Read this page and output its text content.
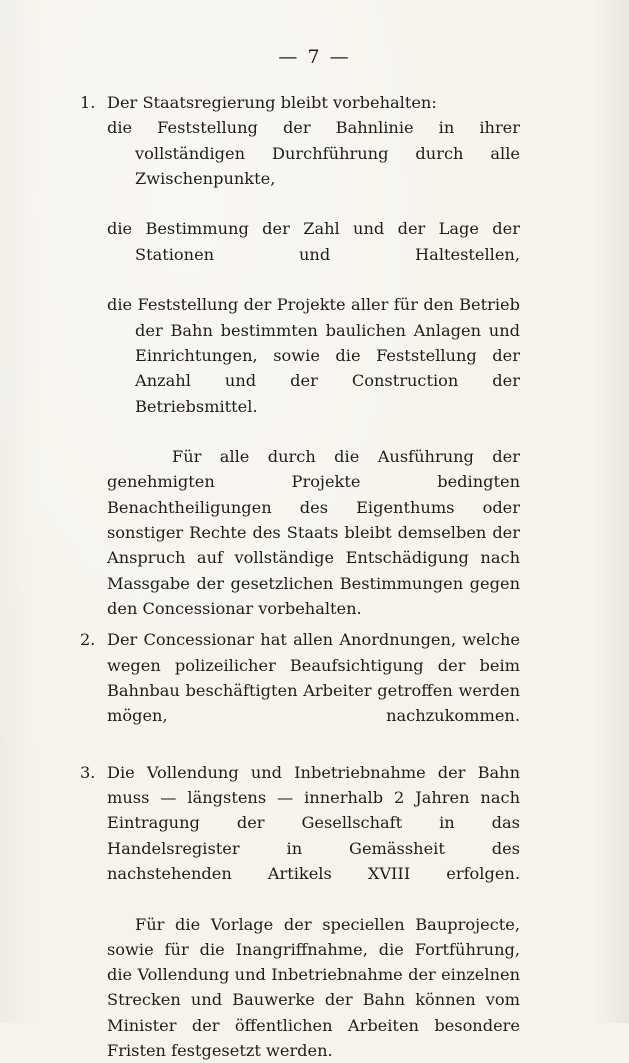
— 7 —
1. Der Staatsregierung bleibt vorbehalten:

die Feststellung der Bahnlinie in ihrer vollständigen Durchführung durch alle Zwischenpunkte,

die Bestimmung der Zahl und der Lage der Stationen und Haltestellen,

die Feststellung der Projekte aller für den Betrieb der Bahn bestimmten baulichen Anlagen und Einrichtungen, sowie die Feststellung der Anzahl und der Construction der Betriebsmittel.

Für alle durch die Ausführung der genehmigten Projekte bedingten Benachtheiligungen des Eigenthums oder sonstiger Rechte des Staats bleibt demselben der Anspruch auf vollständige Entschädigung nach Massgabe der gesetzlichen Bestimmungen gegen den Concessionar vorbehalten.

2. Der Concessionar hat allen Anordnungen, welche wegen polizeilicher Beaufsichtigung der beim Bahnbau beschäftigten Arbeiter getroffen werden mögen, nachzukommen.
3. Die Vollendung und Inbetriebnahme der Bahn muss — längstens — innerhalb 2 Jahren nach Eintragung der Gesellschaft in das Handelsregister in Gemässheit des nachstehenden Artikels XVIII erfolgen.

Für die Vorlage der speciellen Bauprojecte, sowie für die Inangriffnahme, die Fortführung, die Vollendung und Inbetriebnahme der einzelnen Strecken und Bauwerke der Bahn können vom Minister der öffentlichen Arbeiten besondere Fristen festgesetzt werden.
